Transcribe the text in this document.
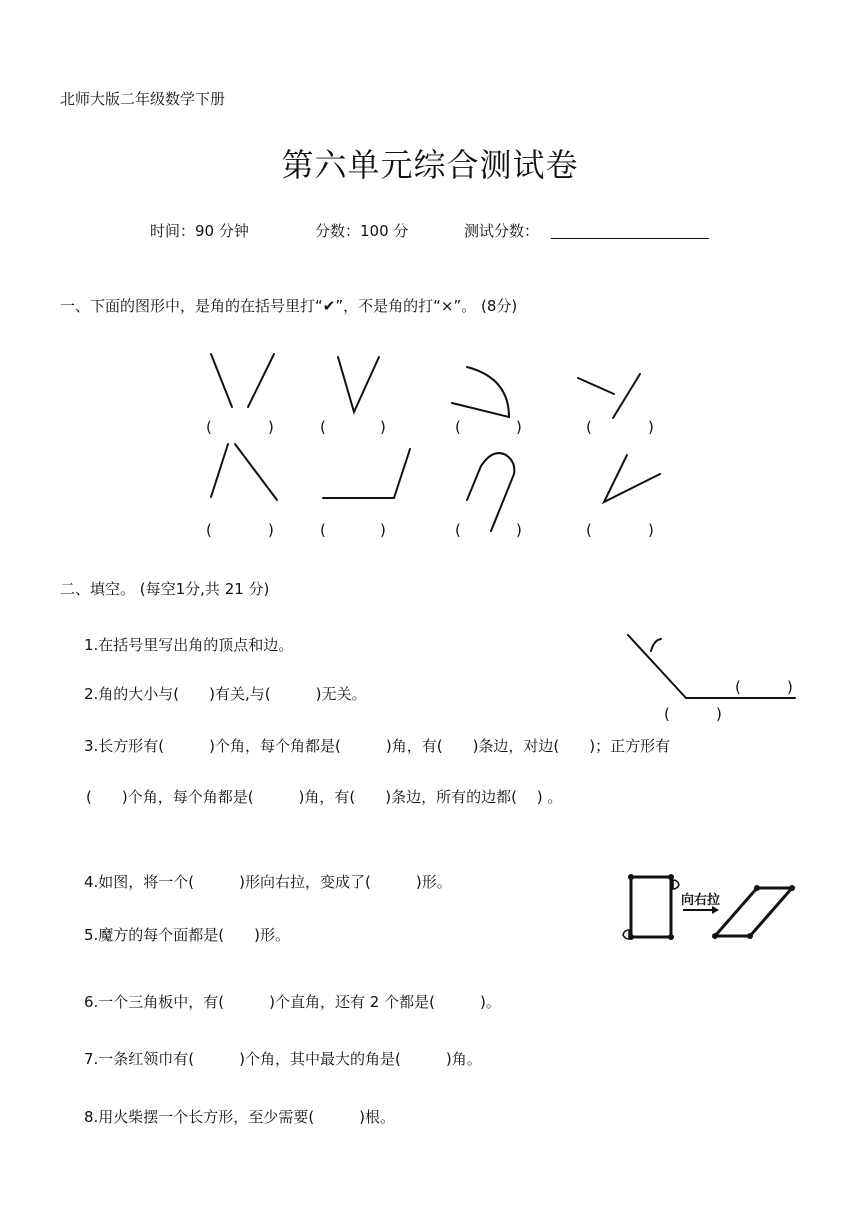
北师大版二年级数学下册
第六单元综合测试卷
时间：90 分钟	分数：100 分	测试分数：
一、下面的图形中，是角的在括号里打“✔”，不是角的打“×”。 (8分)
(	)	(	)	(	)	(	)
(	)	(	)	(	)	(	)
二、填空。 (每空1分,共 21 分)
1.在括号里写出角的顶点和边。
2.角的大小与(　　)有关,与(　　　)无关。
3.长方形有(　　　)个角，每个角都是(　　　)角，有(　　)条边，对边(　　)；正方形有
(　　)个角，每个角都是(　　　)角，有(　　)条边，所有的边都(　 ) 。
4.如图，将一个(　　　)形向右拉，变成了(　　　)形。
5.魔方的每个面都是(　　)形。
6.一个三角板中，有(　　　)个直角，还有 2 个都是(　　　)。
7.一条红领巾有(　　　)个角，其中最大的角是(　　　)角。
8.用火柴摆一个长方形，至少需要(　　　)根。
(	)
(	)
向右拉
